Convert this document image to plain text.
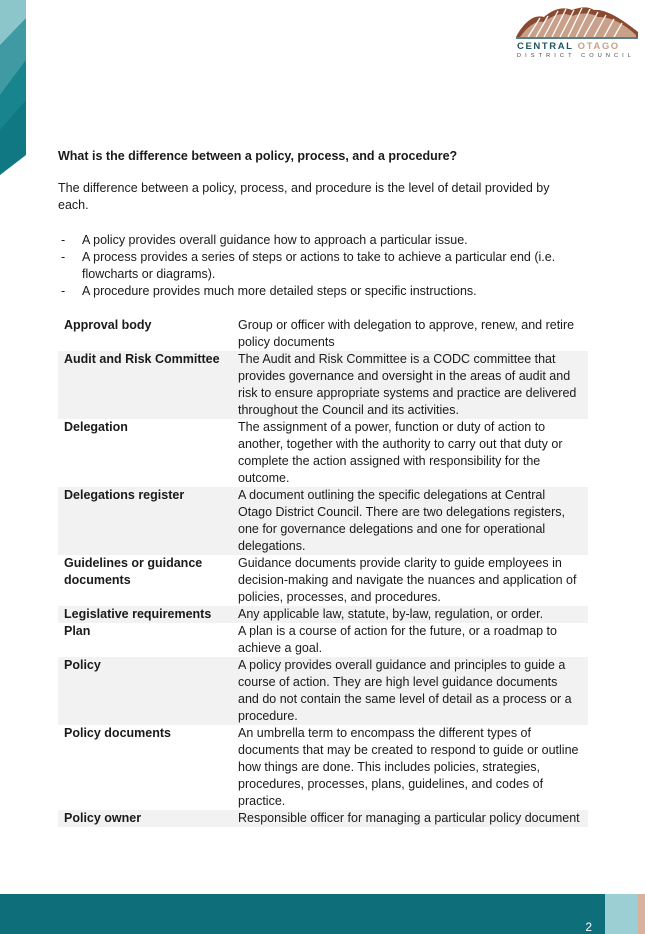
CENTRAL OTAGO
DISTRICT COUNCIL
What is the difference between a policy, process, and a procedure?
The difference between a policy, process, and procedure is the level of detail provided by each.
- A policy provides overall guidance how to approach a particular issue.
- A process provides a series of steps or actions to take to achieve a particular end (i.e. flowcharts or diagrams).
- A procedure provides much more detailed steps or specific instructions.
Approval body	Group or officer with delegation to approve, renew, and retire policy documents
Audit and Risk Committee	The Audit and Risk Committee is a CODC committee that provides governance and oversight in the areas of audit and risk to ensure appropriate systems and practice are delivered throughout the Council and its activities.
Delegation	The assignment of a power, function or duty of action to another, together with the authority to carry out that duty or complete the action assigned with responsibility for the outcome.
Delegations register	A document outlining the specific delegations at Central Otago District Council. There are two delegations registers, one for governance delegations and one for operational delegations.
Guidelines or guidance documents	Guidance documents provide clarity to guide employees in decision-making and navigate the nuances and application of policies, processes, and procedures.
Legislative requirements	Any applicable law, statute, by-law, regulation, or order.
Plan	A plan is a course of action for the future, or a roadmap to achieve a goal.
Policy	A policy provides overall guidance and principles to guide a course of action. They are high level guidance documents and do not contain the same level of detail as a process or a procedure.
Policy documents	An umbrella term to encompass the different types of documents that may be created to respond to guide or outline how things are done. This includes policies, strategies, procedures, processes, plans, guidelines, and codes of practice.
Policy owner	Responsible officer for managing a particular policy document
2
